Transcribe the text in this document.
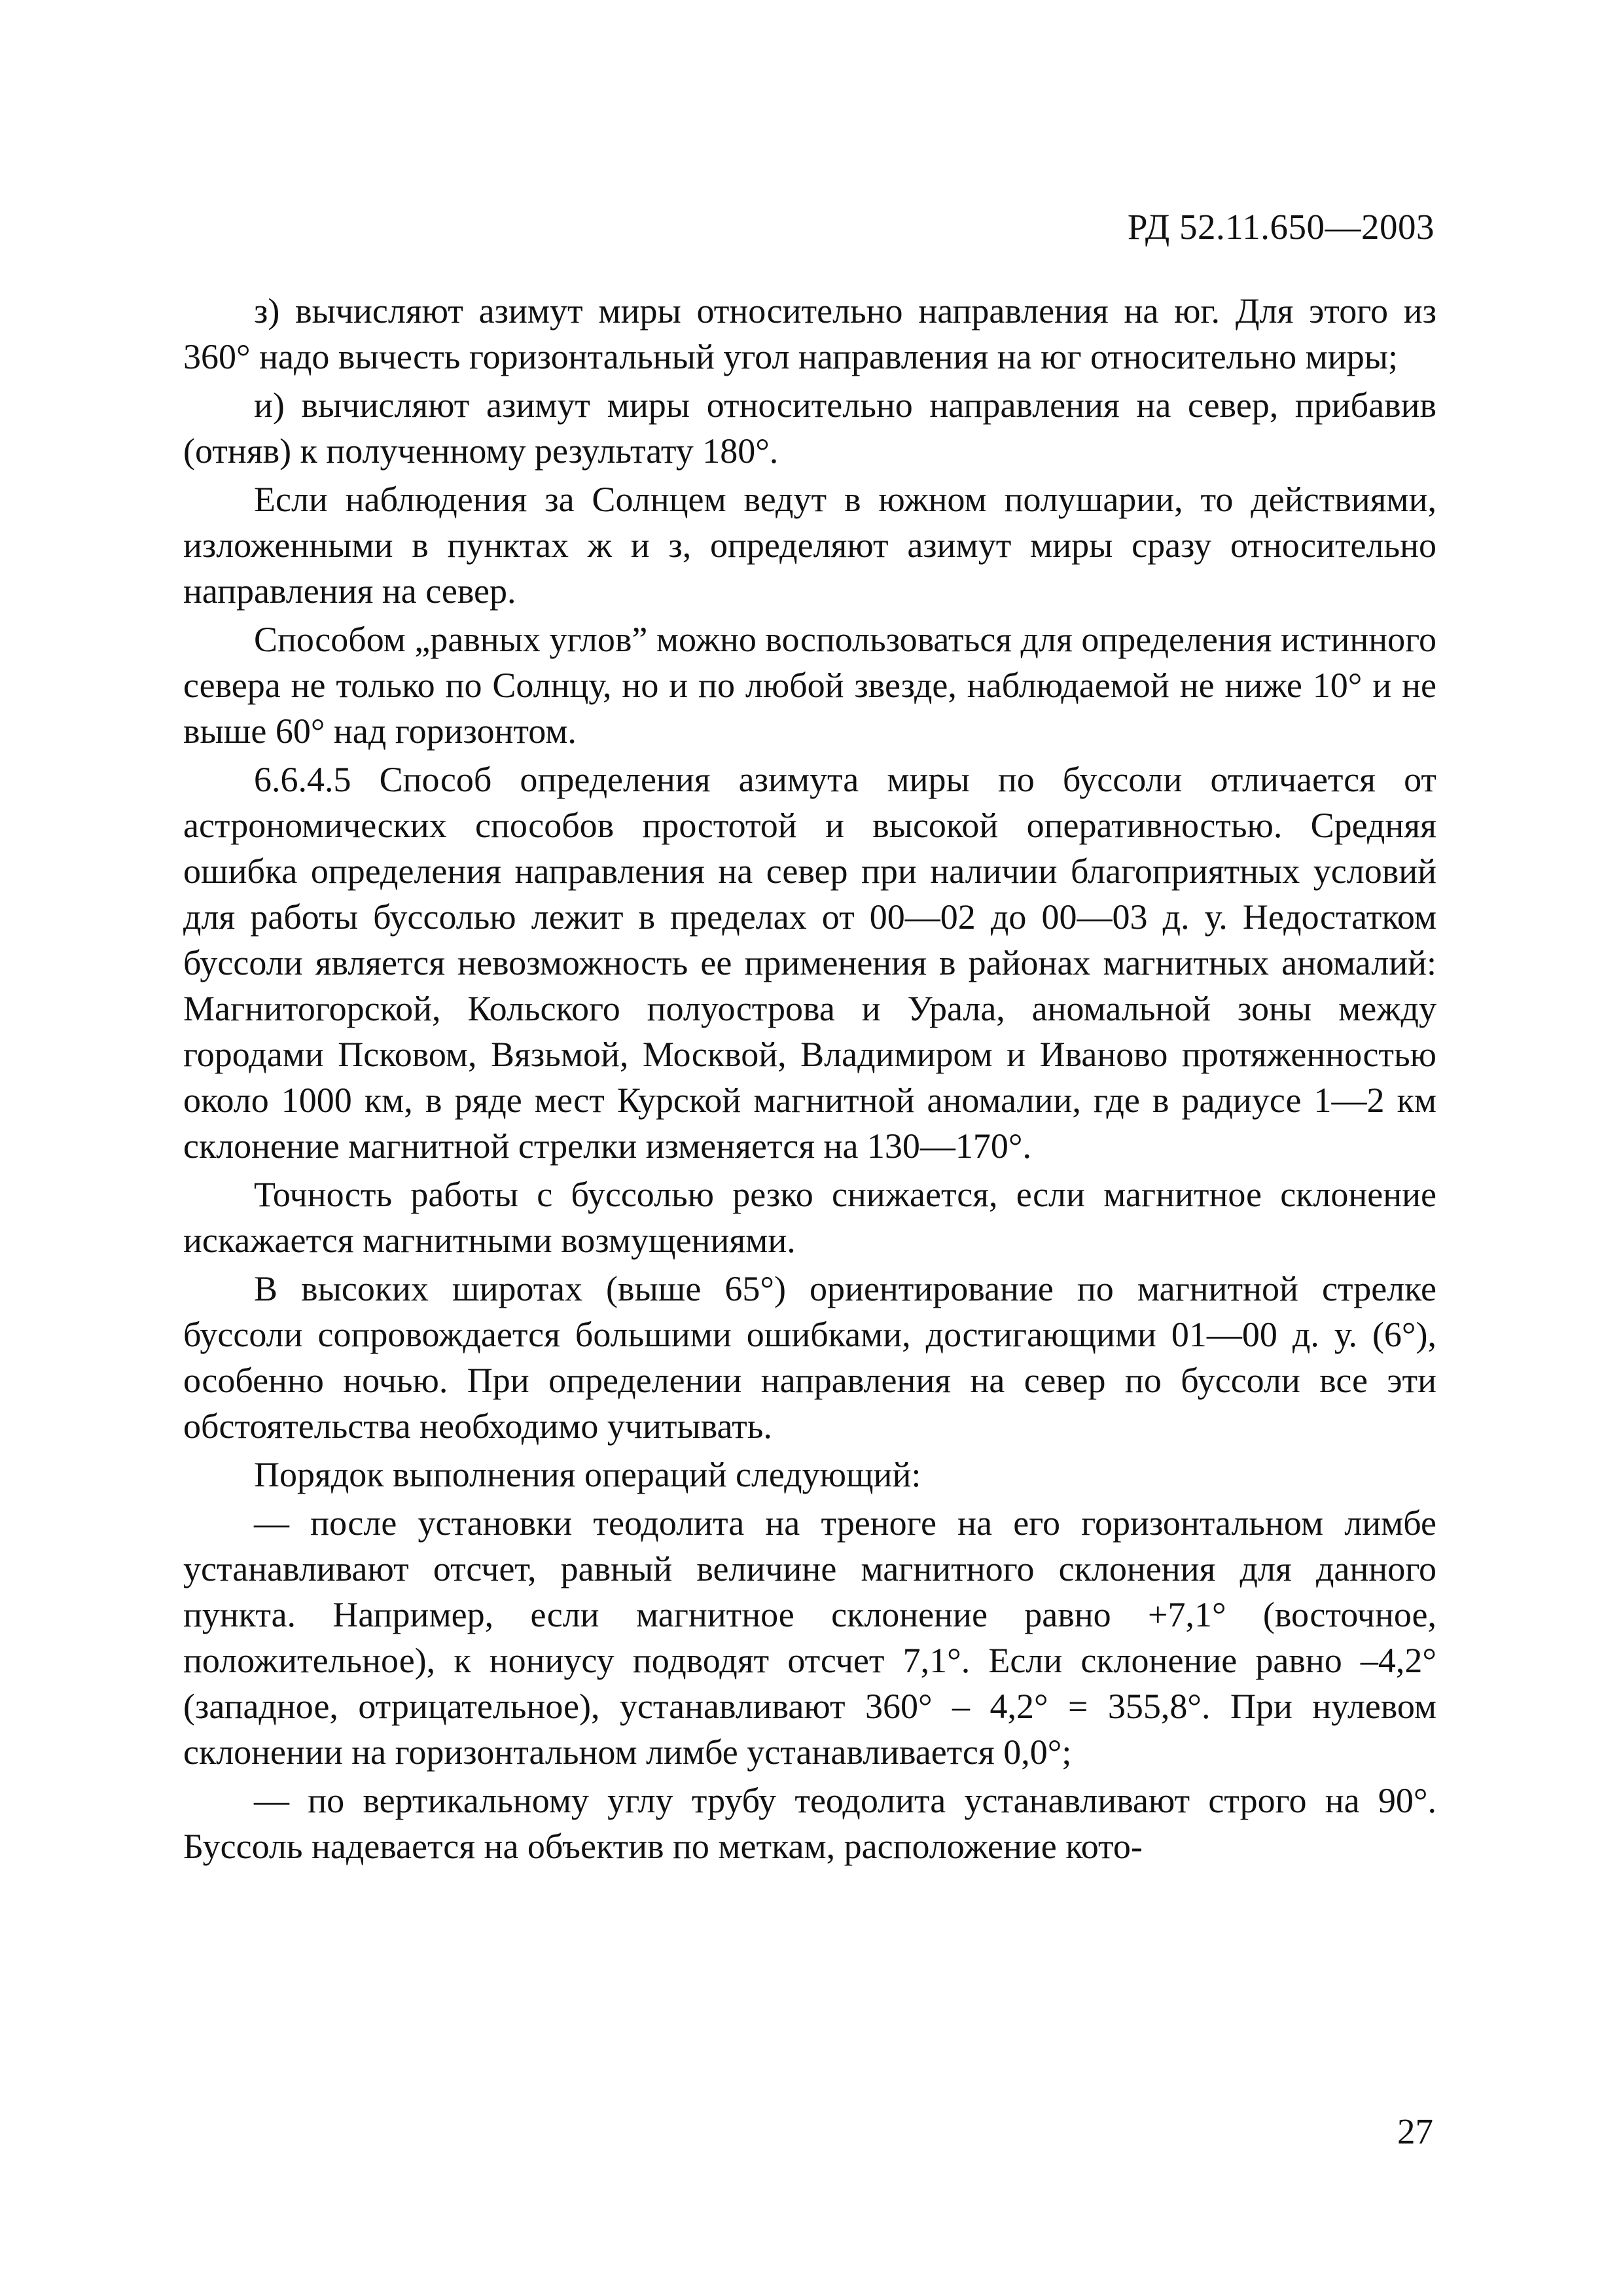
РД 52.11.650—2003

з) вычисляют азимут миры относительно направления на юг. Для этого из 360° надо вычесть горизонтальный угол направления на юг относительно миры;

и) вычисляют азимут миры относительно направления на север, прибавив (отняв) к полученному результату 180°.

Если наблюдения за Солнцем ведут в южном полушарии, то действиями, изложенными в пунктах ж и з, определяют азимут миры сразу относительно направления на север.

Способом „равных углов” можно воспользоваться для определения истинного севера не только по Солнцу, но и по любой звезде, наблюдаемой не ниже 10° и не выше 60° над горизонтом.

6.6.4.5 Способ определения азимута миры по буссоли отличается от астрономических способов простотой и высокой оперативностью. Средняя ошибка определения направления на север при наличии благоприятных условий для работы буссолью лежит в пределах от 00—02 до 00—03 д. у. Недостатком буссоли является невозможность ее применения в районах магнитных аномалий: Магнитогорской, Кольского полуострова и Урала, аномальной зоны между городами Псковом, Вязьмой, Москвой, Владимиром и Иваново протяженностью около 1000 км, в ряде мест Курской магнитной аномалии, где в радиусе 1—2 км склонение магнитной стрелки изменяется на 130—170°.

Точность работы с буссолью резко снижается, если магнитное склонение искажается магнитными возмущениями.

В высоких широтах (выше 65°) ориентирование по магнитной стрелке буссоли сопровождается большими ошибками, достигающими 01—00 д. у. (6°), особенно ночью. При определении направления на север по буссоли все эти обстоятельства необходимо учитывать.

Порядок выполнения операций следующий:

— после установки теодолита на треноге на его горизонтальном лимбе устанавливают отсчет, равный величине магнитного склонения для данного пункта. Например, если магнитное склонение равно +7,1° (восточное, положительное), к нониусу подводят отсчет 7,1°. Если склонение равно –4,2° (западное, отрицательное), устанавливают 360° – 4,2° = 355,8°. При нулевом склонении на горизонтальном лимбе устанавливается 0,0°;

— по вертикальному углу трубу теодолита устанавливают строго на 90°. Буссоль надевается на объектив по меткам, расположение кото-

27
